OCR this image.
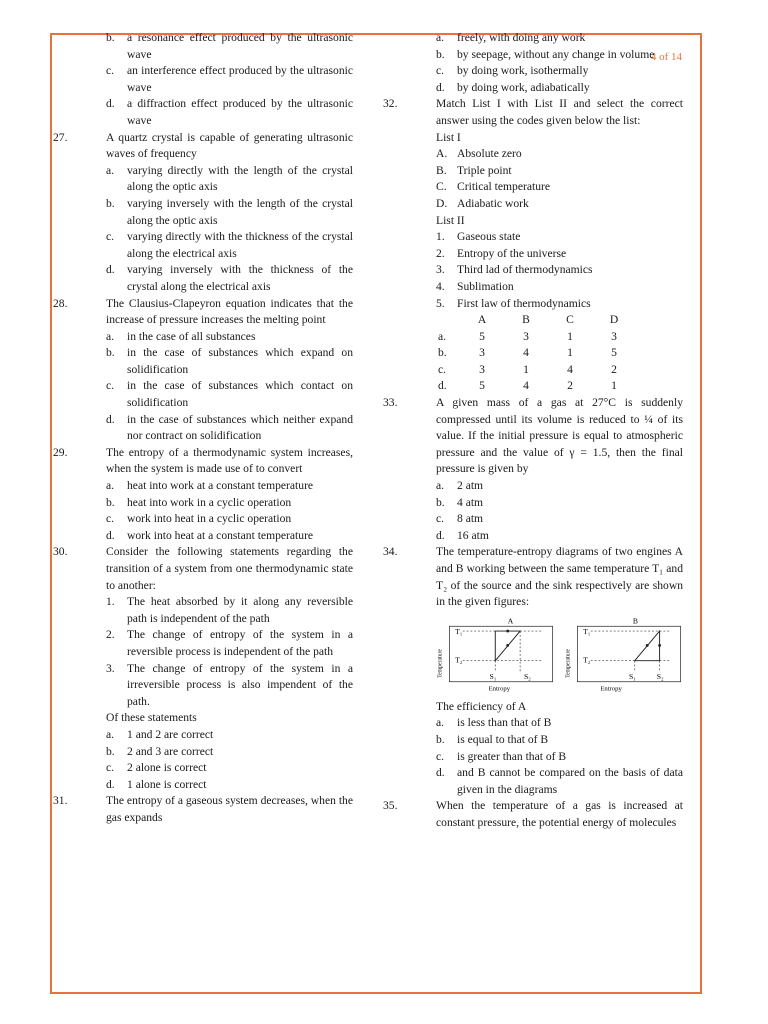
4 of 14
b. a resonance effect produced by the ultrasonic wave
c. an interference effect produced by the ultrasonic wave
d. a diffraction effect produced by the ultrasonic wave
27.	A quartz crystal is capable of generating ultrasonic waves of frequency
a. varying directly with the length of the crystal along the optic axis
b. varying inversely with the length of the crystal along the optic axis
c. varying directly with the thickness of the crystal along the electrical axis
d. varying inversely with the thickness of the crystal along the electrical axis
28.	The Clausius-Clapeyron equation indicates that the increase of pressure increases the melting point
a. in the case of all substances
b. in the case of substances which expand on solidification
c. in the case of substances which contact on solidification
d. in the case of substances which neither expand nor contract on solidification
29.	The entropy of a thermodynamic system increases, when the system is made use of to convert
a. heat into work at a constant temperature
b. heat into work in a cyclic operation
c. work into heat in a cyclic operation
d. work into heat at a constant temperature
30.	Consider the following statements regarding the transition of a system from one thermodynamic state to another:
1. The heat absorbed by it along any reversible path is independent of the path
2. The change of entropy of the system in a reversible process is independent of the path
3. The change of entropy of the system in a irreversible process is also impendent of the path.
Of these statements
a. 1 and 2 are correct
b. 2 and 3 are correct
c. 2 alone is correct
d. 1 alone is correct
31.	The entropy of a gaseous system decreases, when the gas expands
a. freely, with doing any work
b. by seepage, without any change in volume
c. by doing work, isothermally
d. by doing work, adiabatically
32.	Match List I with List II and select the correct answer using the codes given below the list:
List I
A. Absolute zero
B. Triple point
C. Critical temperature
D. Adiabatic work
List II
1. Gaseous state
2. Entropy of the universe
3. Third lad of thermodynamics
4. Sublimation
5. First law of thermodynamics
	A	B	C	D
a.	5	3	1	3
b.	3	4	1	5
c.	3	1	4	2
d.	5	4	2	1
33.	A given mass of a gas at 27°C is suddenly compressed until its volume is reduced to ¼ of its value. If the initial pressure is equal to atmospheric pressure and the value of γ = 1.5, then the final pressure is given by
a. 2 atm
b. 4 atm
c. 8 atm
d. 16 atm
34.	The temperature-entropy diagrams of two engines A and B working between the same temperature T₁ and T₂ of the source and the sink respectively are shown in the given figures:
A
Temperature
T₁
T₂
S₁	S₂
Entropy
B
Temperature
T₁
T₂
S₁	S₂
Entropy
The efficiency of A
a. is less than that of B
b. is equal to that of B
c. is greater than that of B
d. and B cannot be compared on the basis of data given in the diagrams
35.	When the temperature of a gas is increased at constant pressure, the potential energy of molecules
